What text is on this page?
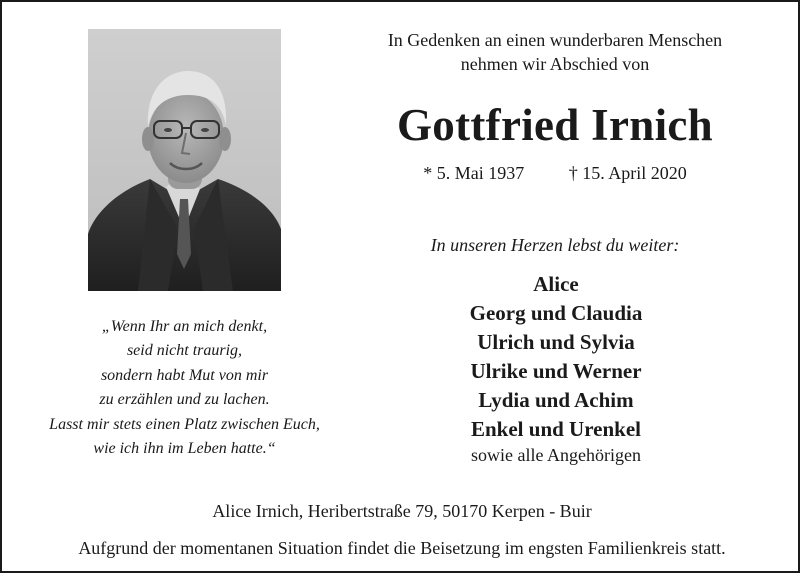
In Gedenken an einen wunderbaren Menschen
nehmen wir Abschied von
Gottfried Irnich
* 5. Mai 1937 † 15. April 2020
In unseren Herzen lebst du weiter:
Alice
Georg und Claudia
Ulrich und Sylvia
Ulrike und Werner
Lydia und Achim
Enkel und Urenkel
sowie alle Angehörigen
„Wenn Ihr an mich denkt,
seid nicht traurig,
sondern habt Mut von mir
zu erzählen und zu lachen.
Lasst mir stets einen Platz zwischen Euch,
wie ich ihn im Leben hatte.“
Alice Irnich, Heribertstraße 79, 50170 Kerpen - Buir
Aufgrund der momentanen Situation findet die Beisetzung im engsten Familienkreis statt.
